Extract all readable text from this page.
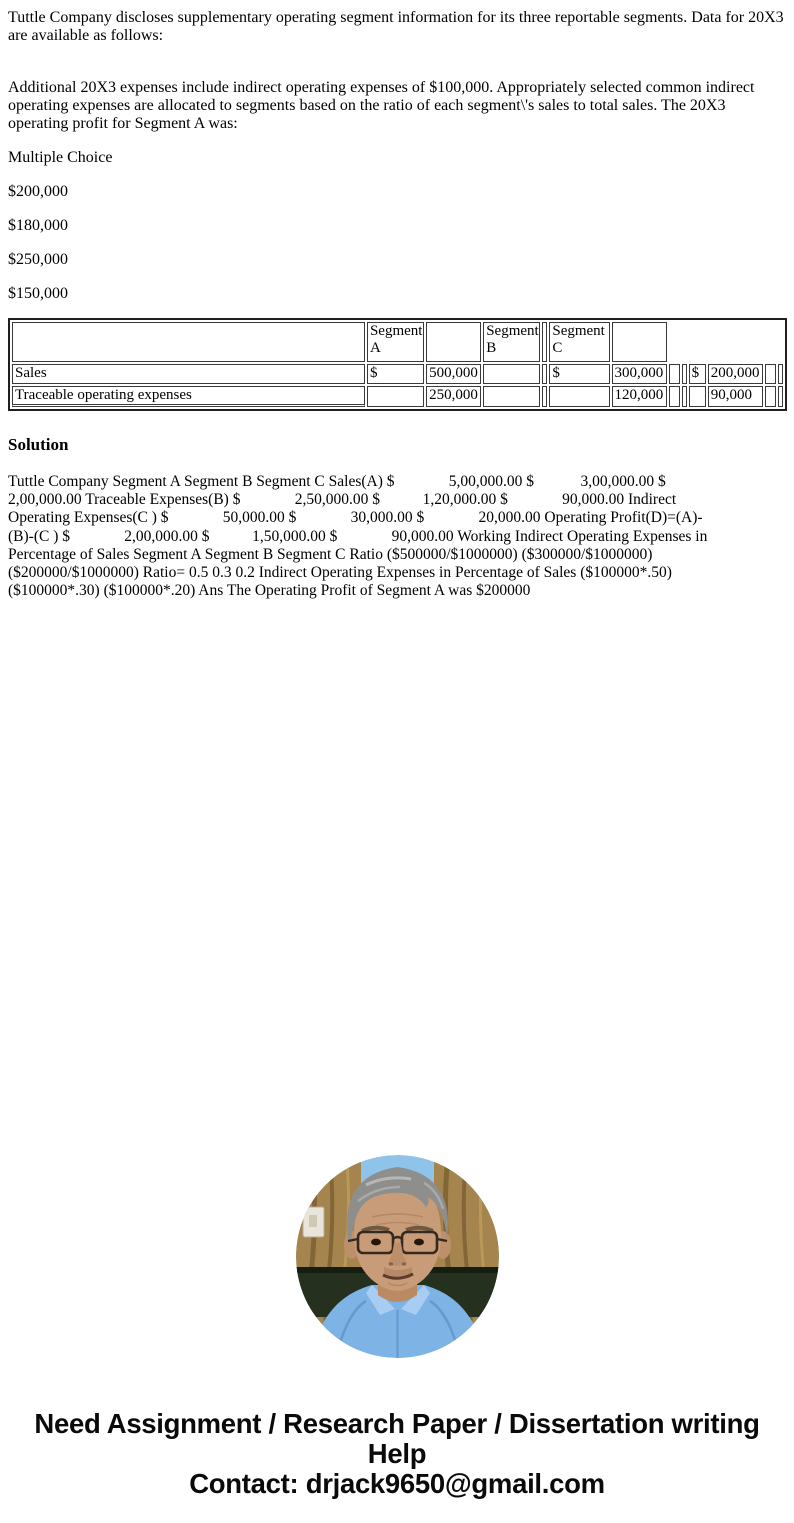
Tuttle Company discloses supplementary operating segment information for its three reportable segments. Data for 20X3 are available as follows:

Additional 20X3 expenses include indirect operating expenses of $100,000. Appropriately selected common indirect operating expenses are allocated to segments based on the ratio of each segment\'s sales to total sales. The 20X3 operating profit for Segment A was:

Multiple Choice
$200,000
$180,000
$250,000
$150,000
	Segment A		Segment B		Segment C							
Sales	$	500,000			$	300,000			$	200,000		
Traceable operating expenses		250,000				120,000				90,000		
Solution
Tuttle Company Segment A Segment B Segment C Sales(A) $              5,00,000.00 $            3,00,000.00 $
2,00,000.00 Traceable Expenses(B) $              2,50,000.00 $           1,20,000.00 $              90,000.00 Indirect
Operating Expenses(C ) $              50,000.00 $              30,000.00 $              20,000.00 Operating Profit(D)=(A)-
(B)-(C ) $              2,00,000.00 $           1,50,000.00 $              90,000.00 Working Indirect Operating Expenses in
Percentage of Sales Segment A Segment B Segment C Ratio ($500000/$1000000) ($300000/$1000000)
($200000/$1000000) Ratio= 0.5 0.3 0.2 Indirect Operating Expenses in Percentage of Sales ($100000*.50)
($100000*.30) ($100000*.20) Ans The Operating Profit of Segment A was $200000
Need Assignment / Research Paper / Dissertation writing Help
Contact: drjack9650@gmail.com
